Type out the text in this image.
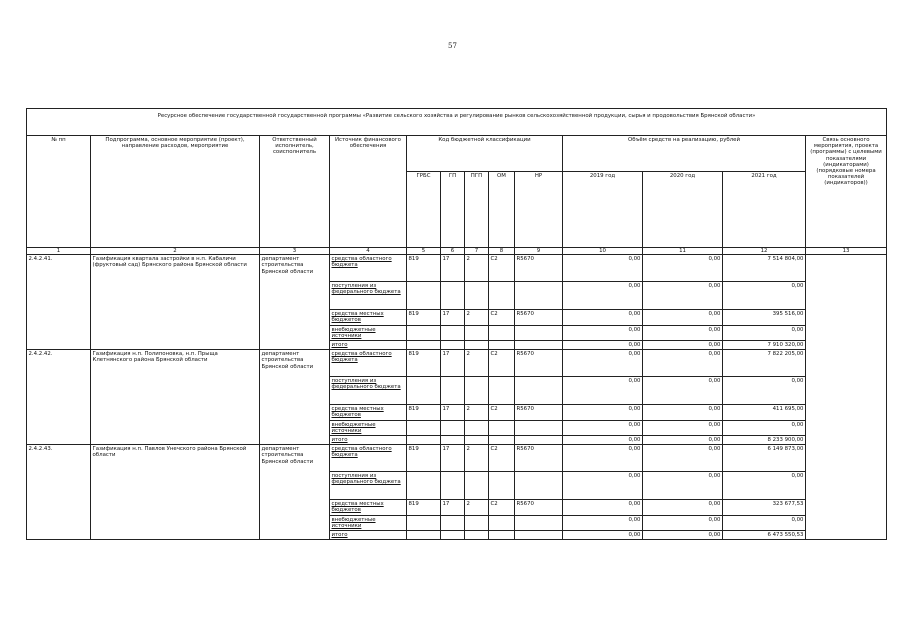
57
Ресурсное обеспечение государственной государственной программы «Развитие сельского хозяйства и регулирование рынков сельскохозяйственной продукции, сырья и продовольствия Брянской области»												
№ пп	Подпрограмма, основное мероприятие (проект), направление расходов, мероприятие	Ответственный исполнитель, соисполнитель	Источник финансового обеспечения	Код бюджетной классификации					Объём средств на реализацию, рублей			Связь основного мероприятия, проекта (программы) с целевыми показателями (индикаторами) (порядковые номера показателей (индикаторов))
				ГРБС	ГП	ПГП	ОМ	НР	2019 год	2020 год	2021 год	
1	2	3	4	5	6	7	8	9	10	11	12	13
2.4.2.41.	Газификация квартала застройки в н.п. Кабаличи (фруктовый сад) Брянского района Брянской области	департамент строительства Брянской области	средства областного бюджета	819	17	2	С2	R5670	0,00	0,00	7 514 804,00	
			поступления из федерального бюджета						0,00	0,00	0,00	
			средства местных бюджетов	819	17	2	С2	R5670	0,00	0,00	395 516,00	
			внебюджетные источники						0,00	0,00	0,00	
			итого						0,00	0,00	7 910 320,00	
2.4.2.42.	Газификация н.п. Полипоновка, н.п. Прыща Клетнянского района Брянской области	департамент строительства Брянской области	средства областного бюджета	819	17	2	С2	R5670	0,00	0,00	7 822 205,00	
			поступления из федерального бюджета						0,00	0,00	0,00	
			средства местных бюджетов	819	17	2	С2	R5670	0,00	0,00	411 695,00	
			внебюджетные источники						0,00	0,00	0,00	
			итого						0,00	0,00	8 233 900,00	
2.4.2.43.	Газификация н.п. Павлов Унечского района Брянской области	департамент строительства Брянской области	средства областного бюджета	819	17	2	С2	R5670	0,00	0,00	6 149 873,00	
			поступления из федерального бюджета						0,00	0,00	0,00	
			средства местных бюджетов	819	17	2	С2	R5670	0,00	0,00	323 677,53	
			внебюджетные источники						0,00	0,00	0,00	
			итого						0,00	0,00	6 473 550,53	
